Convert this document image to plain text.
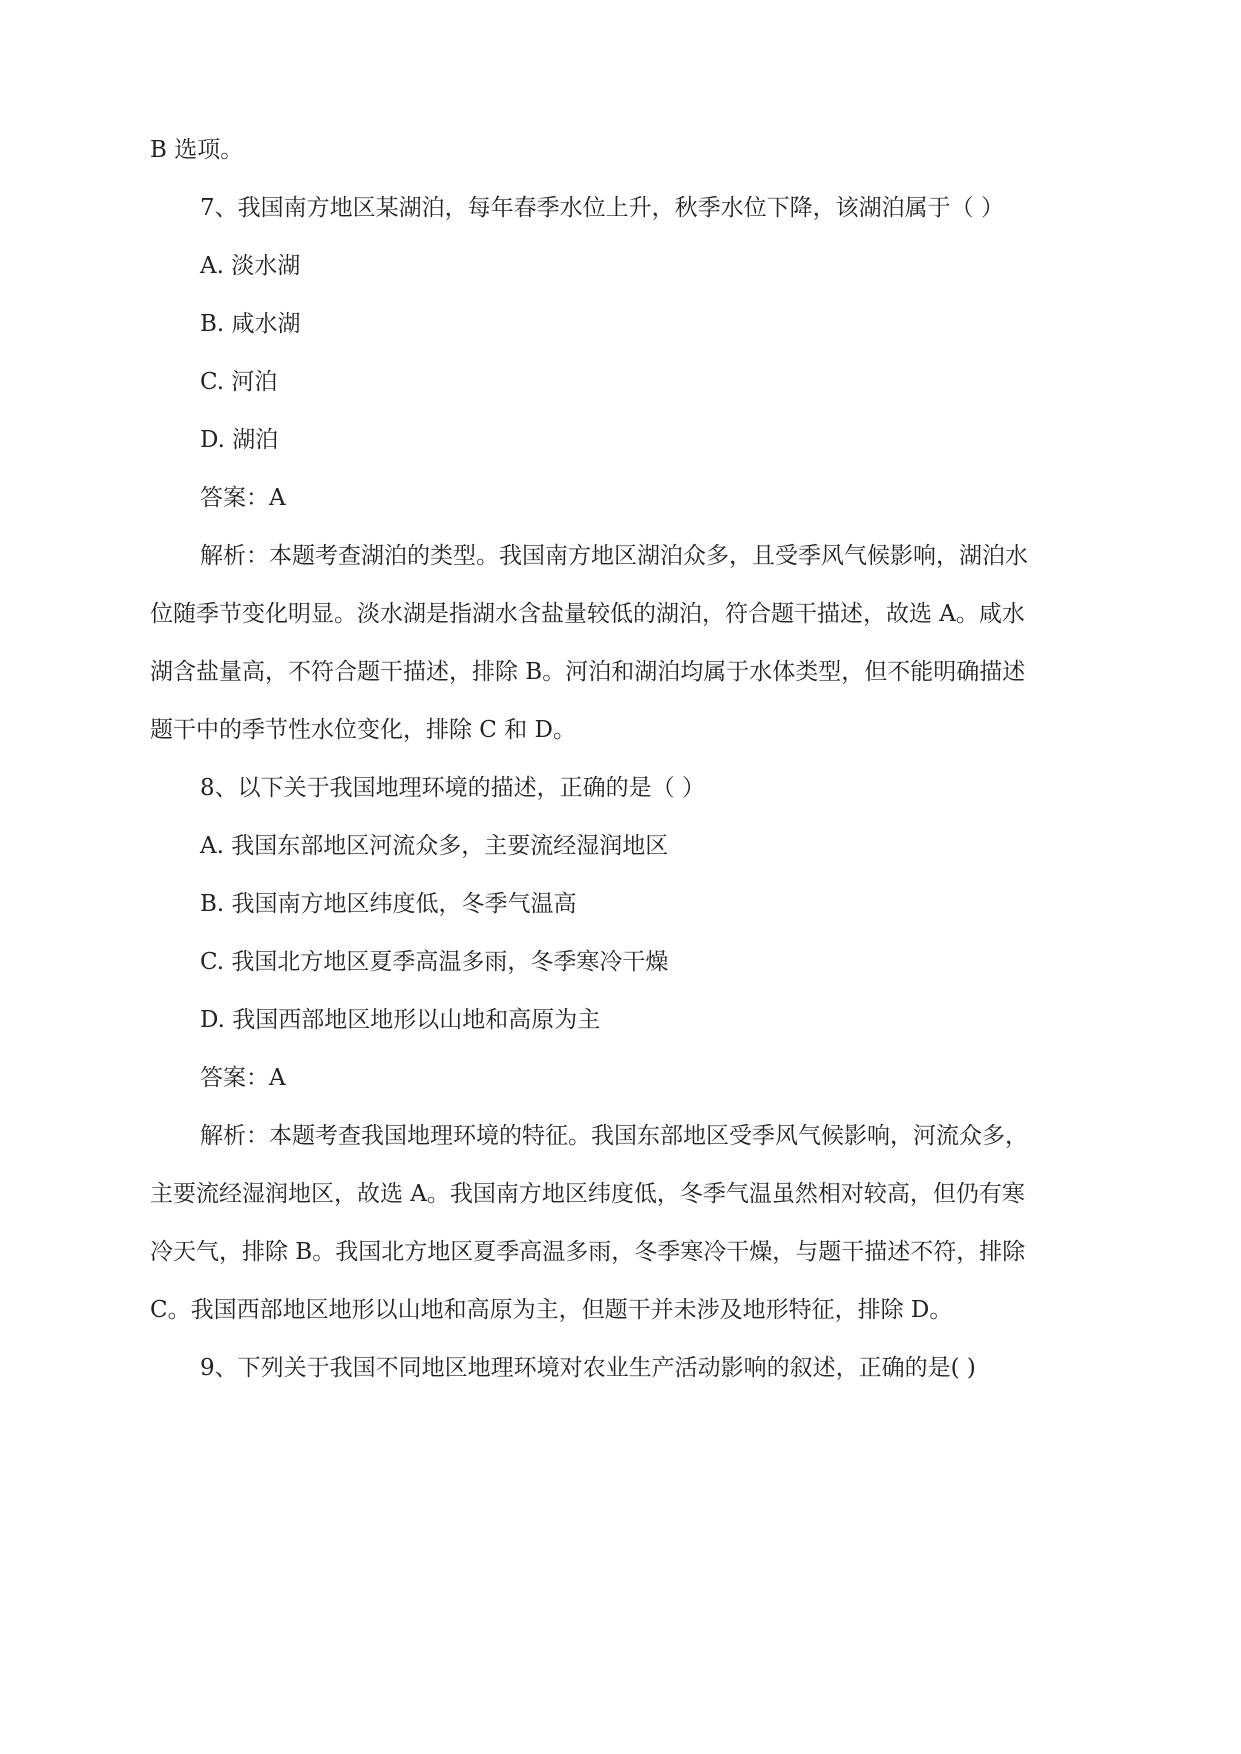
B 选项。
7、我国南方地区某湖泊，每年春季水位上升，秋季水位下降，该湖泊属于（ ）
A. 淡水湖
B. 咸水湖
C. 河泊
D. 湖泊
答案：A
解析：本题考查湖泊的类型。我国南方地区湖泊众多，且受季风气候影响，湖泊水
位随季节变化明显。淡水湖是指湖水含盐量较低的湖泊，符合题干描述，故选 A。咸水
湖含盐量高，不符合题干描述，排除 B。河泊和湖泊均属于水体类型，但不能明确描述
题干中的季节性水位变化，排除 C 和 D。
8、以下关于我国地理环境的描述，正确的是（ ）
A. 我国东部地区河流众多，主要流经湿润地区
B. 我国南方地区纬度低，冬季气温高
C. 我国北方地区夏季高温多雨，冬季寒冷干燥
D. 我国西部地区地形以山地和高原为主
答案：A
解析：本题考查我国地理环境的特征。我国东部地区受季风气候影响，河流众多，
主要流经湿润地区，故选 A。我国南方地区纬度低，冬季气温虽然相对较高，但仍有寒
冷天气，排除 B。我国北方地区夏季高温多雨，冬季寒冷干燥，与题干描述不符，排除
C。我国西部地区地形以山地和高原为主，但题干并未涉及地形特征，排除 D。
9、下列关于我国不同地区地理环境对农业生产活动影响的叙述，正确的是( )
